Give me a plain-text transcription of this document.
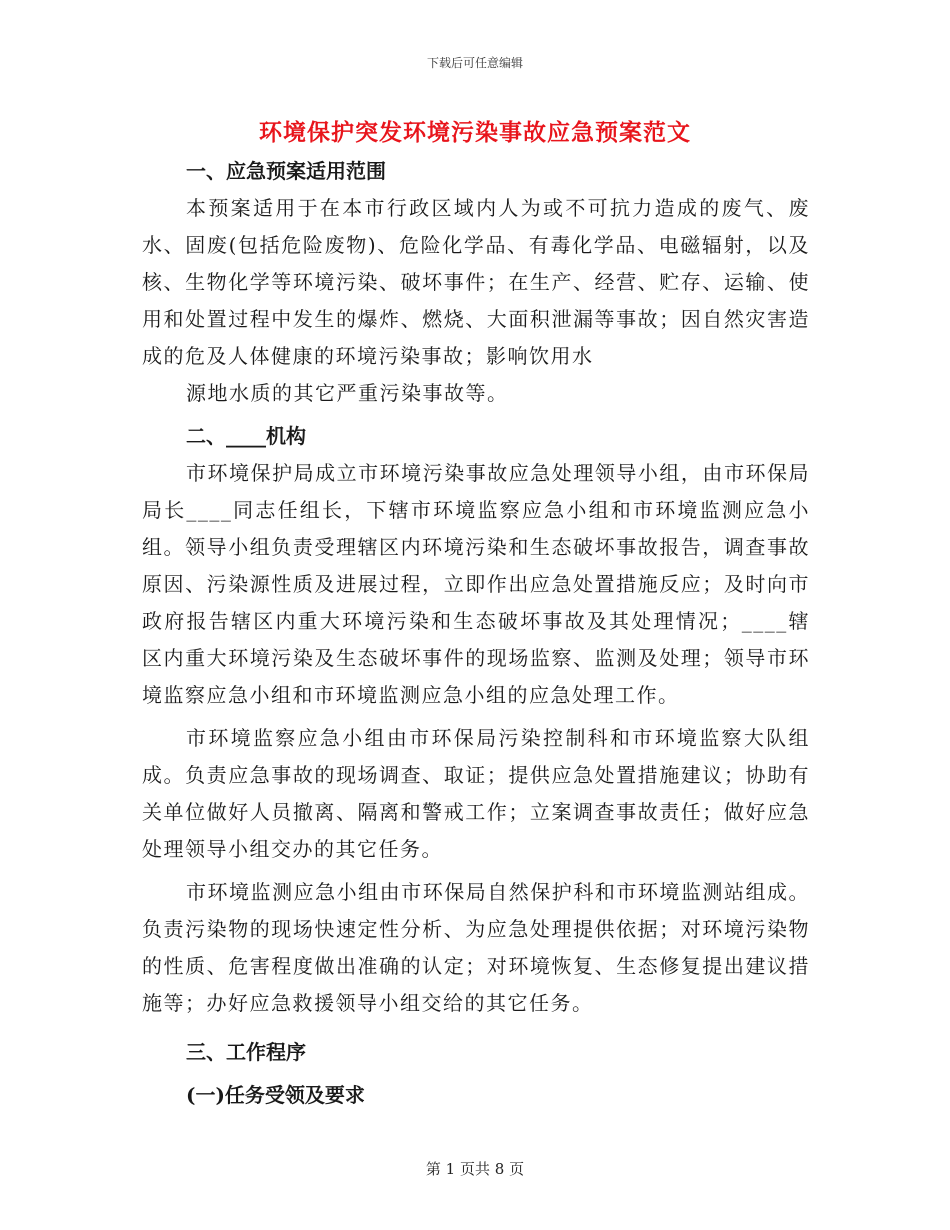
下载后可任意编辑
环境保护突发环境污染事故应急预案范文

一、应急预案适用范围

本预案适用于在本市行政区域内人为或不可抗力造成的废气、废水、固废(包括危险废物)、危险化学品、有毒化学品、电磁辐射，以及核、生物化学等环境污染、破坏事件；在生产、经营、贮存、运输、使用和处置过程中发生的爆炸、燃烧、大面积泄漏等事故；因自然灾害造成的危及人体健康的环境污染事故；影响饮用水

源地水质的其它严重污染事故等。

二、____机构

市环境保护局成立市环境污染事故应急处理领导小组，由市环保局局长____同志任组长，下辖市环境监察应急小组和市环境监测应急小组。领导小组负责受理辖区内环境污染和生态破坏事故报告，调查事故原因、污染源性质及进展过程，立即作出应急处置措施反应；及时向市政府报告辖区内重大环境污染和生态破坏事故及其处理情况；____辖区内重大环境污染及生态破坏事件的现场监察、监测及处理；领导市环境监察应急小组和市环境监测应急小组的应急处理工作。

市环境监察应急小组由市环保局污染控制科和市环境监察大队组成。负责应急事故的现场调查、取证；提供应急处置措施建议；协助有关单位做好人员撤离、隔离和警戒工作；立案调查事故责任；做好应急处理领导小组交办的其它任务。

市环境监测应急小组由市环保局自然保护科和市环境监测站组成。负责污染物的现场快速定性分析、为应急处理提供依据；对环境污染物的性质、危害程度做出准确的认定；对环境恢复、生态修复提出建议措施等；办好应急救援领导小组交给的其它任务。

三、工作程序

(一)任务受领及要求

第 1 页共 8 页
